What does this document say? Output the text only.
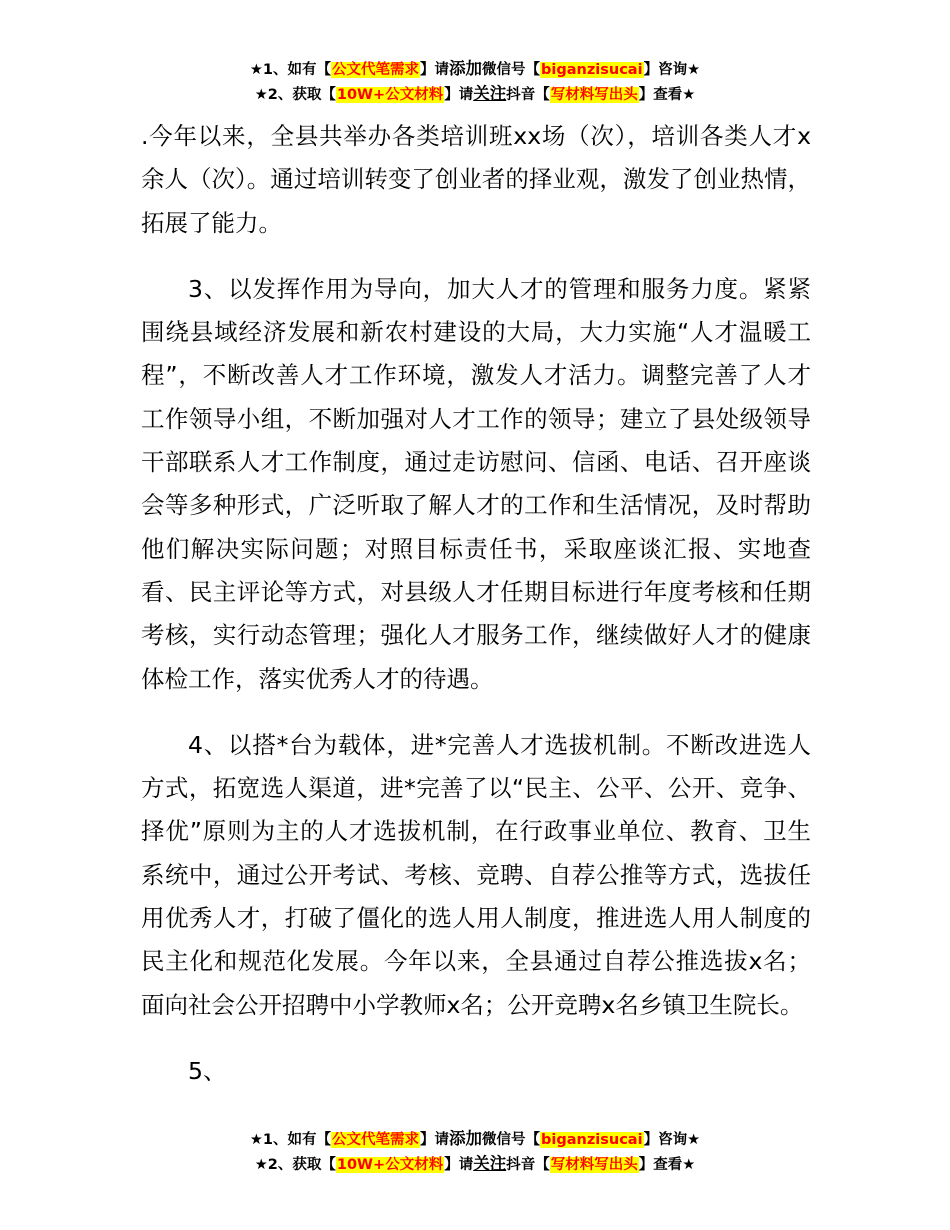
★1、如有【公文代笔需求】请添加微信号【biganzisucai】咨询★
★2、获取【10W+公文材料】请关注抖音【写材料写出头】查看★

.今年以来，全县共举办各类培训班xx场（次），培训各类人才x余人（次）。通过培训转变了创业者的择业观，激发了创业热情，拓展了能力。

3、以发挥作用为导向，加大人才的管理和服务力度。紧紧围绕县域经济发展和新农村建设的大局，大力实施“人才温暖工程”，不断改善人才工作环境，激发人才活力。调整完善了人才工作领导小组，不断加强对人才工作的领导；建立了县处级领导干部联系人才工作制度，通过走访慰问、信函、电话、召开座谈会等多种形式，广泛听取了解人才的工作和生活情况，及时帮助他们解决实际问题；对照目标责任书，采取座谈汇报、实地查看、民主评论等方式，对县级人才任期目标进行年度考核和任期考核，实行动态管理；强化人才服务工作，继续做好人才的健康体检工作，落实优秀人才的待遇。

4、以搭*台为载体，进*完善人才选拔机制。不断改进选人方式，拓宽选人渠道，进*完善了以“民主、公平、公开、竞争、择优”原则为主的人才选拔机制，在行政事业单位、教育、卫生系统中，通过公开考试、考核、竞聘、自荐公推等方式，选拔任用优秀人才，打破了僵化的选人用人制度，推进选人用人制度的民主化和规范化发展。今年以来，全县通过自荐公推选拔x名；面向社会公开招聘中小学教师x名；公开竞聘x名乡镇卫生院长。

5、

★1、如有【公文代笔需求】请添加微信号【biganzisucai】咨询★
★2、获取【10W+公文材料】请关注抖音【写材料写出头】查看★
